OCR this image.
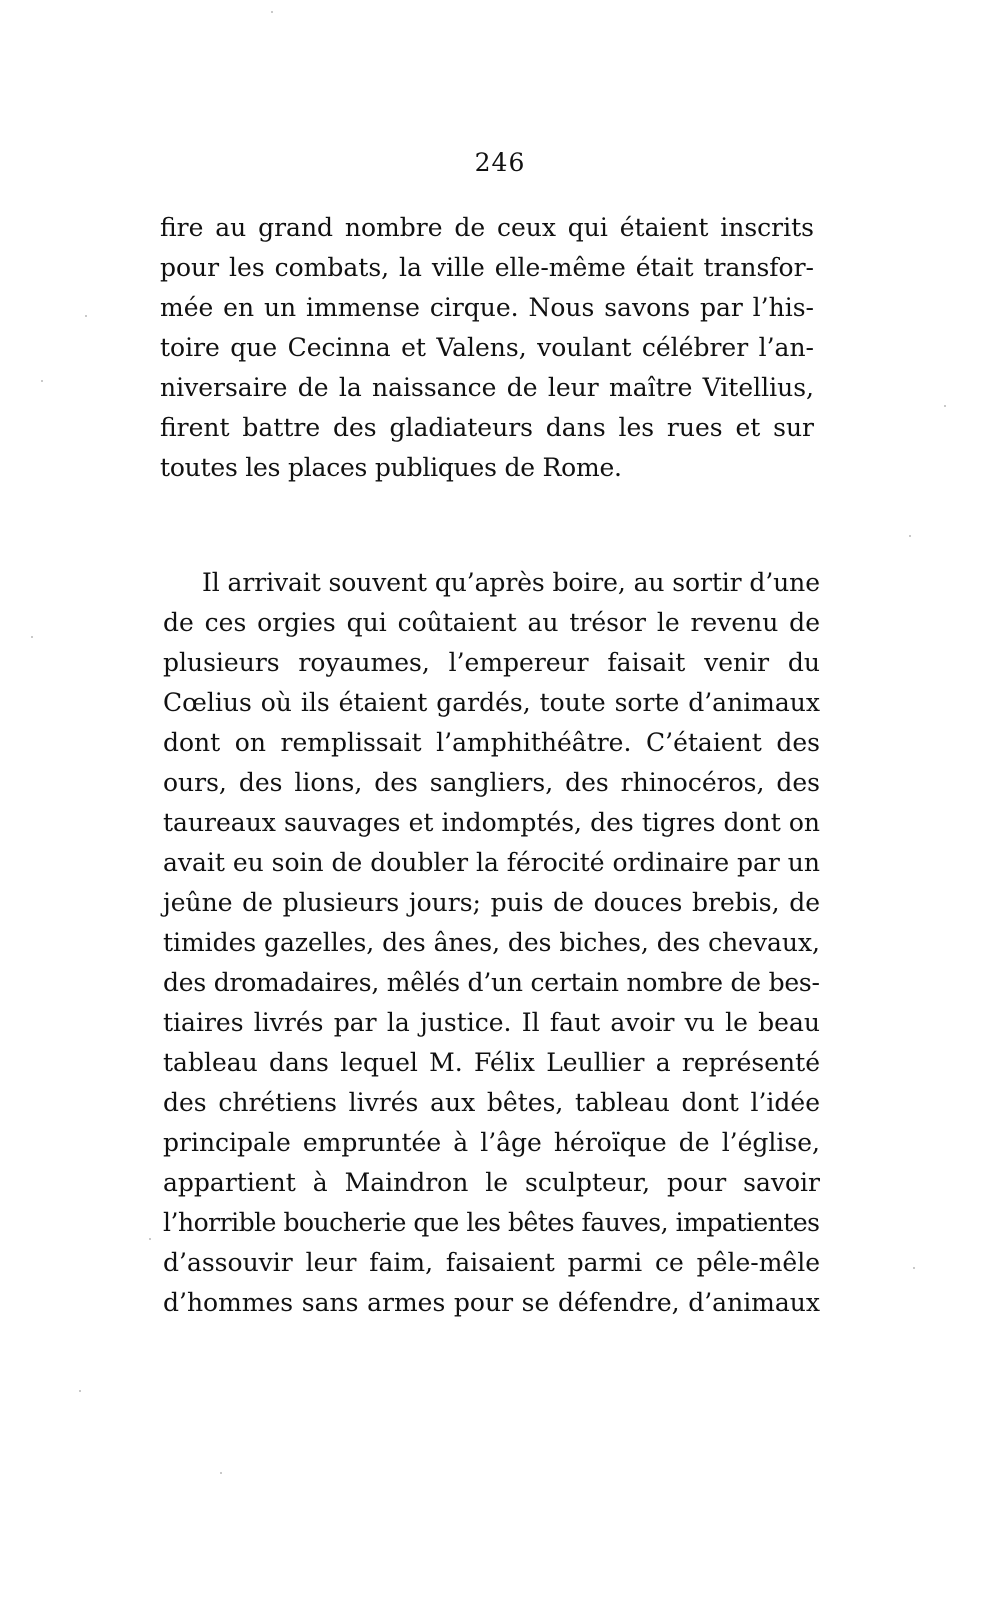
246
fire au grand nombre de ceux qui étaient inscrits
pour les combats, la ville elle-même était transfor-
mée en un immense cirque. Nous savons par l’his-
toire que Cecinna et Valens, voulant célébrer l’an-
niversaire de la naissance de leur maître Vitellius,
firent battre des gladiateurs dans les rues et sur
toutes les places publiques de Rome.
Il arrivait souvent qu’après boire, au sortir d’une
de ces orgies qui coûtaient au trésor le revenu de
plusieurs royaumes, l’empereur faisait venir du
Cœlius où ils étaient gardés, toute sorte d’animaux
dont on remplissait l’amphithéâtre. C’étaient des
ours, des lions, des sangliers, des rhinocéros, des
taureaux sauvages et indomptés, des tigres dont on
avait eu soin de doubler la férocité ordinaire par un
jeûne de plusieurs jours; puis de douces brebis, de
timides gazelles, des ânes, des biches, des chevaux,
des dromadaires, mêlés d’un certain nombre de bes-
tiaires livrés par la justice. Il faut avoir vu le beau
tableau dans lequel M. Félix Leullier a représenté
des chrétiens livrés aux bêtes, tableau dont l’idée
principale empruntée à l’âge héroïque de l’église,
appartient à Maindron le sculpteur, pour savoir
l’horrible boucherie que les bêtes fauves, impatientes
d’assouvir leur faim, faisaient parmi ce pêle-mêle
d’hommes sans armes pour se défendre, d’animaux
